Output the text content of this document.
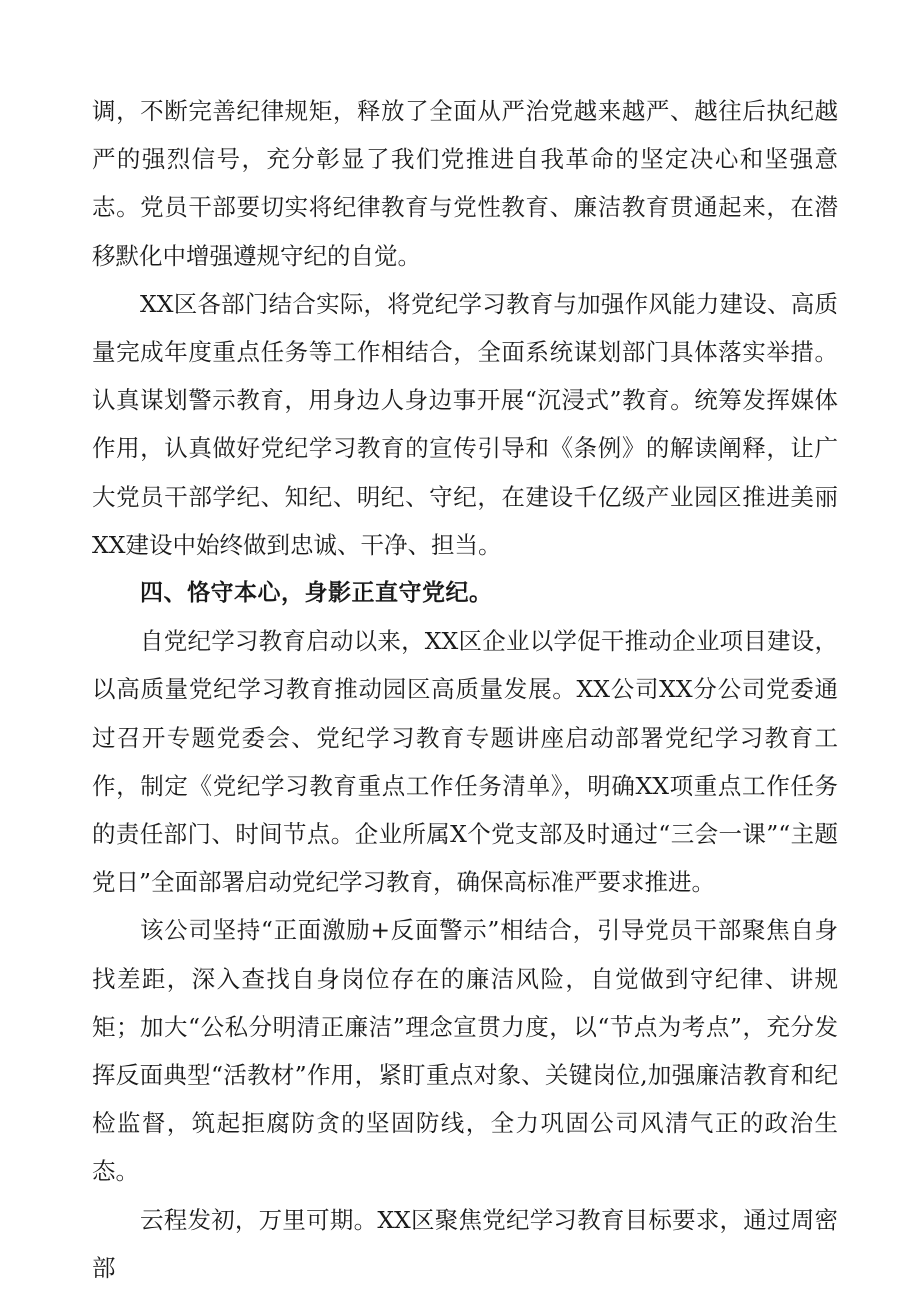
调，不断完善纪律规矩，释放了全面从严治党越来越严、越往后执纪越严的强烈信号，充分彰显了我们党推进自我革命的坚定决心和坚强意志。党员干部要切实将纪律教育与党性教育、廉洁教育贯通起来，在潜移默化中增强遵规守纪的自觉。

XX区各部门结合实际，将党纪学习教育与加强作风能力建设、高质量完成年度重点任务等工作相结合，全面系统谋划部门具体落实举措。认真谋划警示教育，用身边人身边事开展“沉浸式”教育。统筹发挥媒体作用，认真做好党纪学习教育的宣传引导和《条例》的解读阐释，让广大党员干部学纪、知纪、明纪、守纪，在建设千亿级产业园区推进美丽XX建设中始终做到忠诚、干净、担当。

四、恪守本心，身影正直守党纪。

自党纪学习教育启动以来，XX区企业以学促干推动企业项目建设，以高质量党纪学习教育推动园区高质量发展。XX公司XX分公司党委通过召开专题党委会、党纪学习教育专题讲座启动部署党纪学习教育工作，制定《党纪学习教育重点工作任务清单》，明确XX项重点工作任务的责任部门、时间节点。企业所属X个党支部及时通过“三会一课”“主题党日”全面部署启动党纪学习教育，确保高标准严要求推进。

该公司坚持“正面激励+反面警示”相结合，引导党员干部聚焦自身找差距，深入查找自身岗位存在的廉洁风险，自觉做到守纪律、讲规矩；加大“公私分明清正廉洁”理念宣贯力度，以“节点为考点”，充分发挥反面典型“活教材”作用，紧盯重点对象、关键岗位,加强廉洁教育和纪检监督，筑起拒腐防贪的坚固防线，全力巩固公司风清气正的政治生态。

云程发初，万里可期。XX区聚焦党纪学习教育目标要求，通过周密部
